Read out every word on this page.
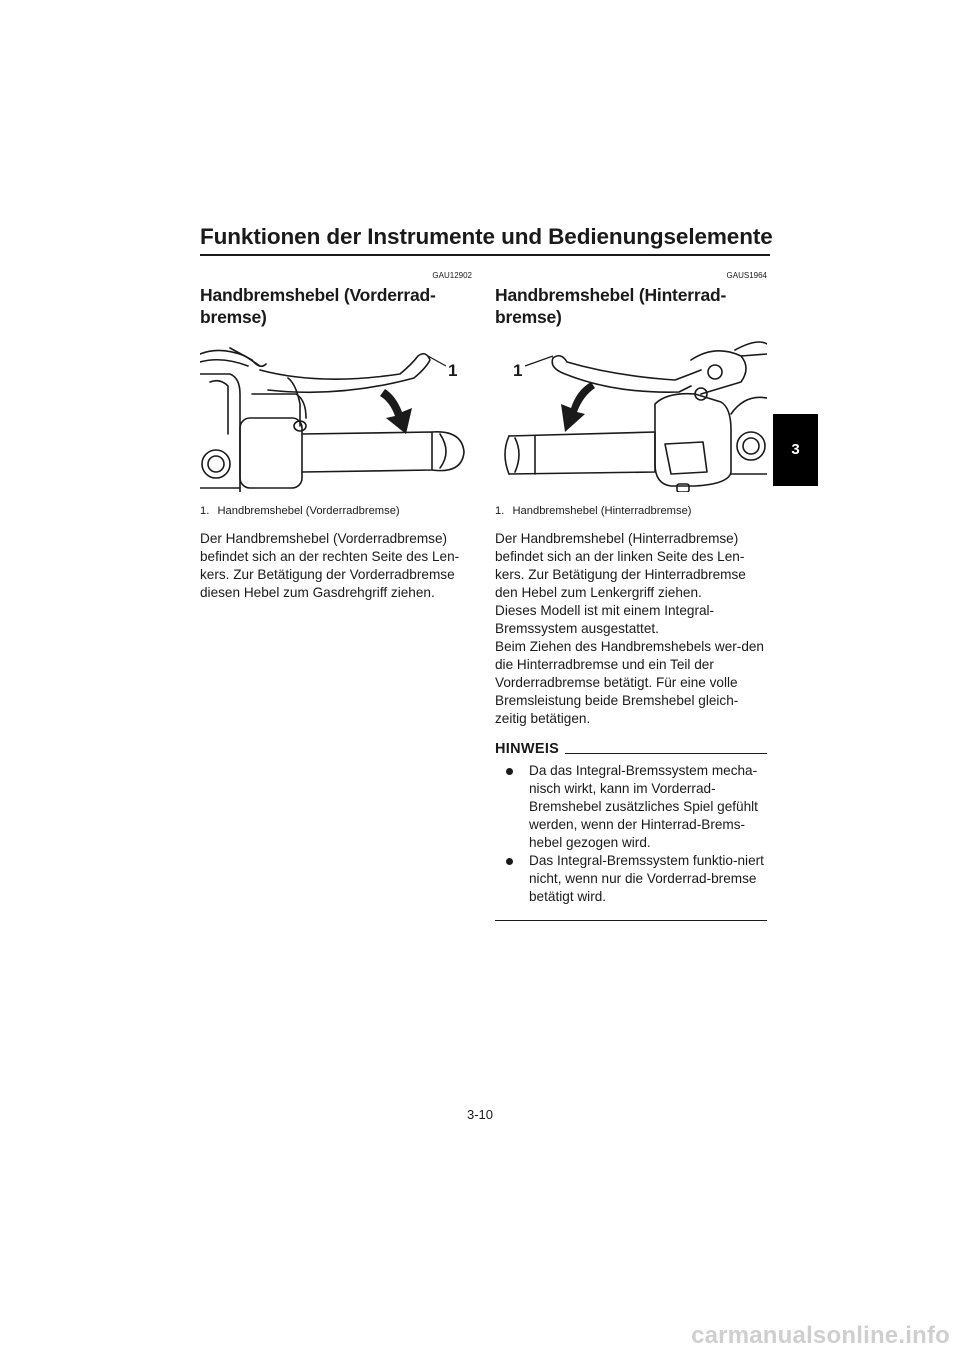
Funktionen der Instrumente und Bedienungselemente
GAU12902
Handbremshebel (Vorderrad-
bremse)
1
1. Handbremshebel (Vorderradbremse)
Der Handbremshebel (Vorderradbremse) befindet sich an der rechten Seite des Len-kers. Zur Betätigung der Vorderradbremse diesen Hebel zum Gasdrehgriff ziehen.
GAUS1964
Handbremshebel (Hinterrad-
bremse)
1
1. Handbremshebel (Hinterradbremse)
Der Handbremshebel (Hinterradbremse) befindet sich an der linken Seite des Len-kers. Zur Betätigung der Hinterradbremse den Hebel zum Lenkergriff ziehen.
Dieses Modell ist mit einem Integral-Bremssystem ausgestattet.
Beim Ziehen des Handbremshebels wer-den die Hinterradbremse und ein Teil der Vorderradbremse betätigt. Für eine volle Bremsleistung beide Bremshebel gleich-zeitig betätigen.
HINWEIS
Da das Integral-Bremssystem mecha-nisch wirkt, kann im Vorderrad-Bremshebel zusätzliches Spiel gefühlt werden, wenn der Hinterrad-Brems-hebel gezogen wird.
Das Integral-Bremssystem funktio-niert nicht, wenn nur die Vorderrad-bremse betätigt wird.
3
3-10
carmanualsonline.info
